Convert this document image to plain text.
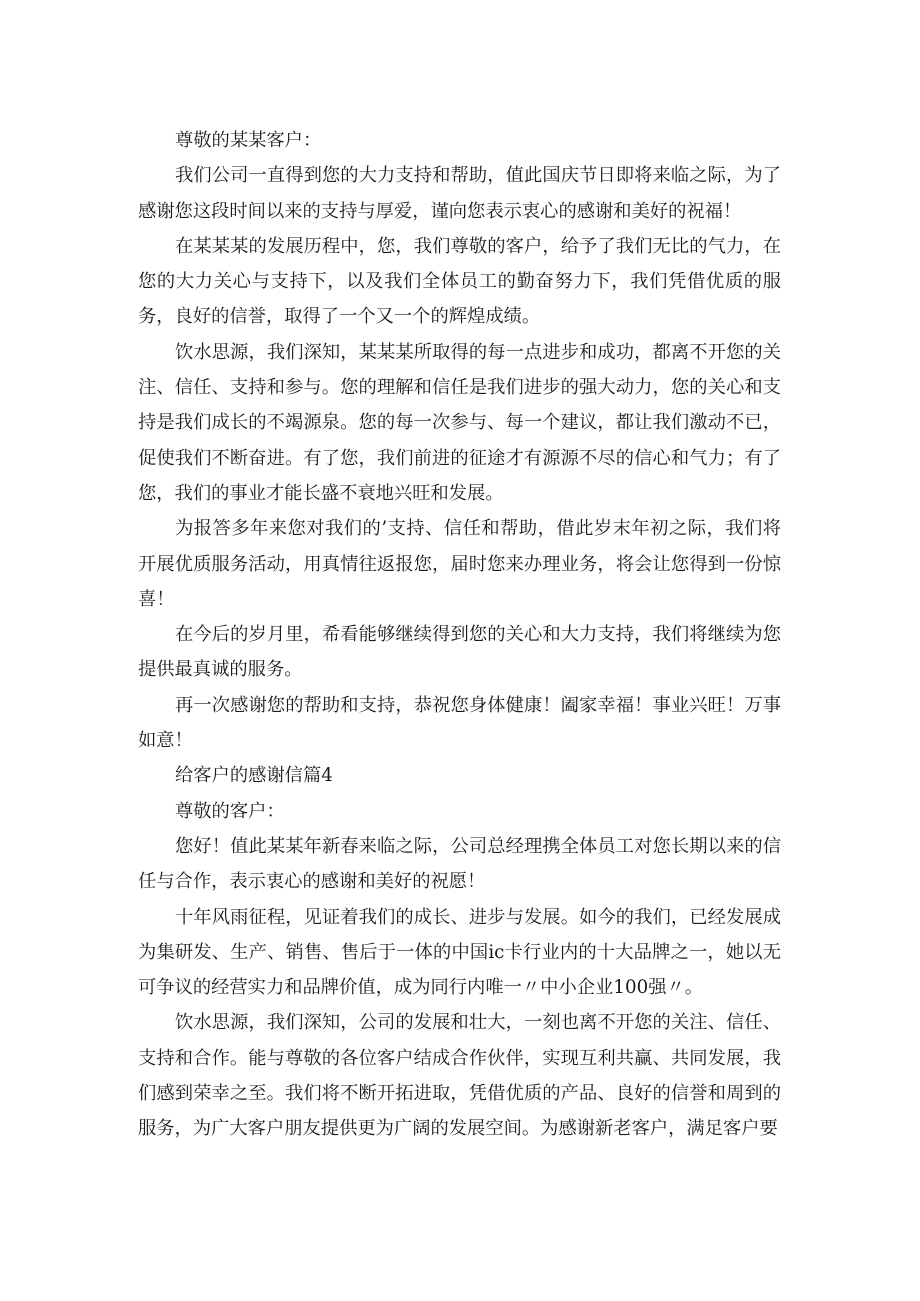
尊敬的某某客户：

我们公司一直得到您的大力支持和帮助，值此国庆节日即将来临之际，为了感谢您这段时间以来的支持与厚爱，谨向您表示衷心的感谢和美好的祝福！

在某某某的发展历程中，您，我们尊敬的客户，给予了我们无比的气力，在您的大力关心与支持下，以及我们全体员工的勤奋努力下，我们凭借优质的服务，良好的信誉，取得了一个又一个的辉煌成绩。

饮水思源，我们深知，某某某所取得的每一点进步和成功，都离不开您的关注、信任、支持和参与。您的理解和信任是我们进步的强大动力，您的关心和支持是我们成长的不竭源泉。您的每一次参与、每一个建议，都让我们激动不已，促使我们不断奋进。有了您，我们前进的征途才有源源不尽的信心和气力；有了您，我们的事业才能长盛不衰地兴旺和发展。

为报答多年来您对我们的’支持、信任和帮助，借此岁末年初之际，我们将开展优质服务活动，用真情往返报您，届时您来办理业务，将会让您得到一份惊喜！

在今后的岁月里，希看能够继续得到您的关心和大力支持，我们将继续为您提供最真诚的服务。

再一次感谢您的帮助和支持，恭祝您身体健康！阖家幸福！事业兴旺！万事如意！

给客户的感谢信篇4

尊敬的客户：

您好！值此某某年新春来临之际，公司总经理携全体员工对您长期以来的信任与合作，表示衷心的感谢和美好的祝愿！

十年风雨征程，见证着我们的成长、进步与发展。如今的我们，已经发展成为集研发、生产、销售、售后于一体的中国ic卡行业内的十大品牌之一，她以无可争议的经营实力和品牌价值，成为同行内唯一〃中小企业100强〃。

饮水思源，我们深知，公司的发展和壮大，一刻也离不开您的关注、信任、支持和合作。能与尊敬的各位客户结成合作伙伴，实现互利共赢、共同发展，我们感到荣幸之至。我们将不断开拓进取，凭借优质的产品、良好的信誉和周到的服务，为广大客户朋友提供更为广阔的发展空间。为感谢新老客户，满足客户要
